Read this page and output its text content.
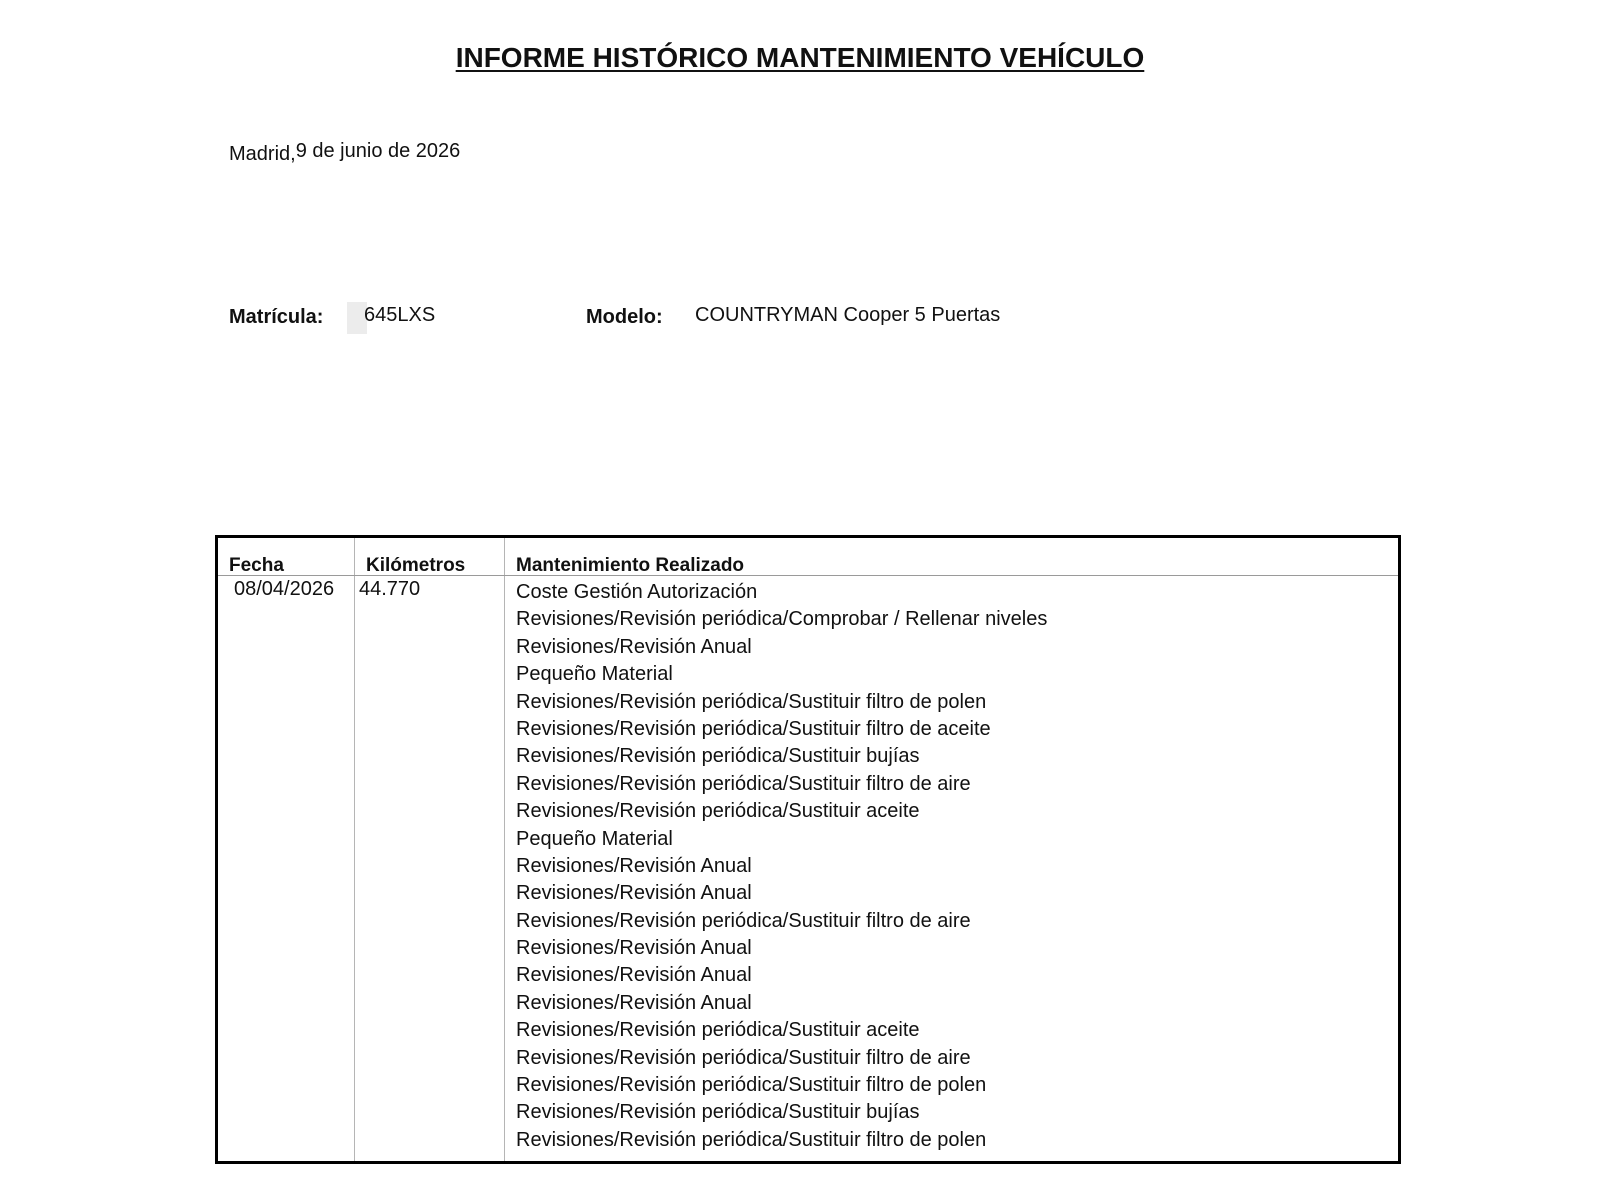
INFORME HISTÓRICO MANTENIMIENTO VEHÍCULO
Madrid,9 de junio de 2026
Matrícula: 645LXS	Modelo: COUNTRYMAN Cooper 5 Puertas
Fecha	Kilómetros	Mantenimiento Realizado
08/04/2026 44.770	Coste Gestión Autorización
Revisiones/Revisión periódica/Comprobar / Rellenar niveles
Revisiones/Revisión Anual
Pequeño Material
Revisiones/Revisión periódica/Sustituir filtro de polen
Revisiones/Revisión periódica/Sustituir filtro de aceite
Revisiones/Revisión periódica/Sustituir bujías
Revisiones/Revisión periódica/Sustituir filtro de aire
Revisiones/Revisión periódica/Sustituir aceite
Pequeño Material
Revisiones/Revisión Anual
Revisiones/Revisión Anual
Revisiones/Revisión periódica/Sustituir filtro de aire
Revisiones/Revisión Anual
Revisiones/Revisión Anual
Revisiones/Revisión Anual
Revisiones/Revisión periódica/Sustituir aceite
Revisiones/Revisión periódica/Sustituir filtro de aire
Revisiones/Revisión periódica/Sustituir filtro de polen
Revisiones/Revisión periódica/Sustituir bujías
Revisiones/Revisión periódica/Sustituir filtro de polen
